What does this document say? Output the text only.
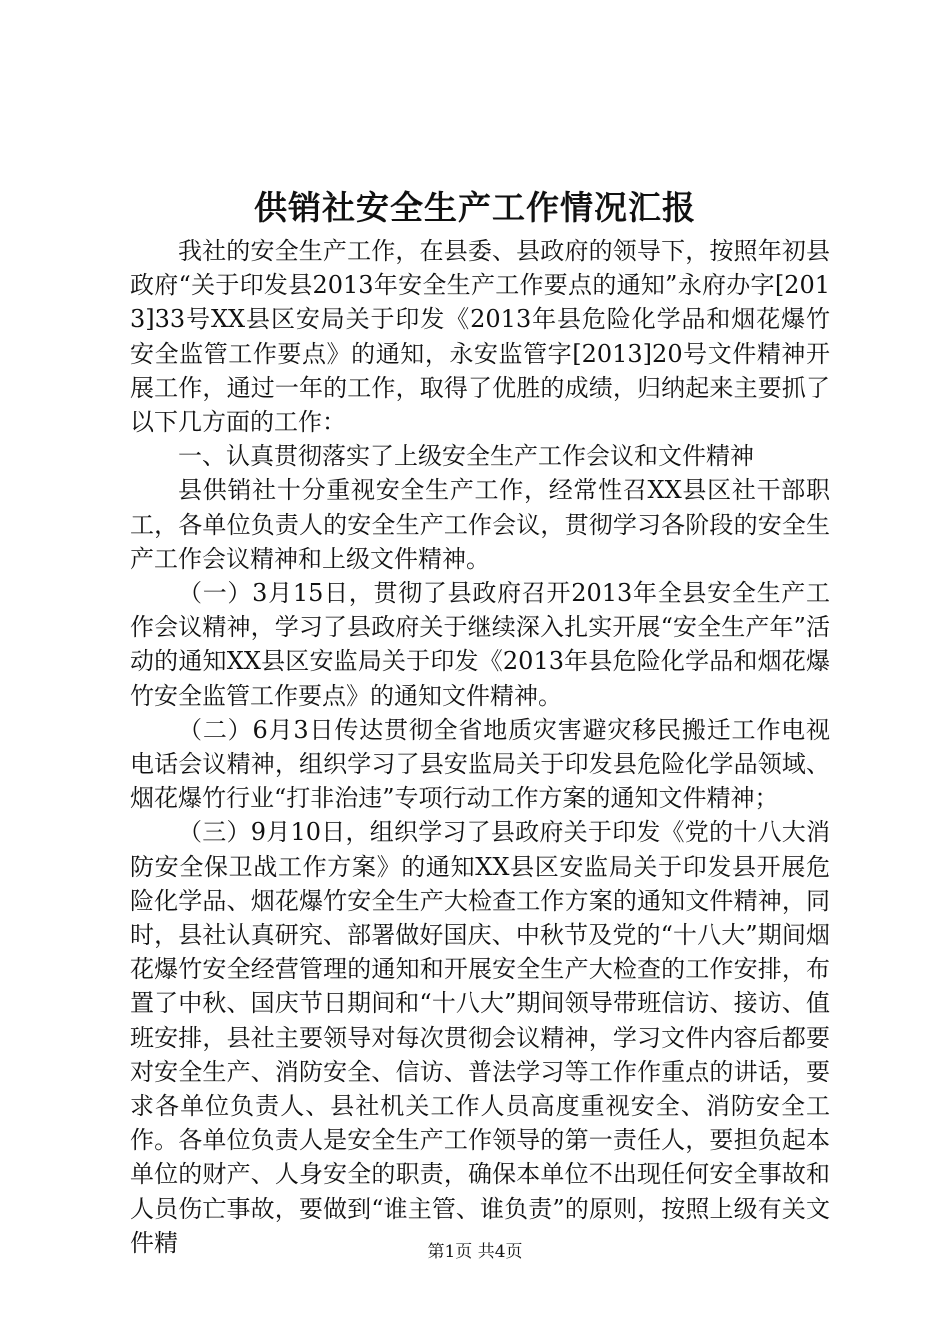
供销社安全生产工作情况汇报

我社的安全生产工作，在县委、县政府的领导下，按照年初县政府“关于印发县2013年安全生产工作要点的通知”永府办字[2013]33号XX县区安局关于印发《2013年县危险化学品和烟花爆竹安全监管工作要点》的通知，永安监管字[2013]20号文件精神开展工作，通过一年的工作，取得了优胜的成绩，归纳起来主要抓了以下几方面的工作：

一、认真贯彻落实了上级安全生产工作会议和文件精神

县供销社十分重视安全生产工作，经常性召XX县区社干部职工，各单位负责人的安全生产工作会议，贯彻学习各阶段的安全生产工作会议精神和上级文件精神。

（一）3月15日，贯彻了县政府召开2013年全县安全生产工作会议精神，学习了县政府关于继续深入扎实开展“安全生产年”活动的通知XX县区安监局关于印发《2013年县危险化学品和烟花爆竹安全监管工作要点》的通知文件精神。

（二）6月3日传达贯彻全省地质灾害避灾移民搬迁工作电视电话会议精神，组织学习了县安监局关于印发县危险化学品领域、烟花爆竹行业“打非治违”专项行动工作方案的通知文件精神；

（三）9月10日，组织学习了县政府关于印发《党的十八大消防安全保卫战工作方案》的通知XX县区安监局关于印发县开展危险化学品、烟花爆竹安全生产大检查工作方案的通知文件精神，同时，县社认真研究、部署做好国庆、中秋节及党的“十八大”期间烟花爆竹安全经营管理的通知和开展安全生产大检查的工作安排，布置了中秋、国庆节日期间和“十八大”期间领导带班信访、接访、值班安排，县社主要领导对每次贯彻会议精神，学习文件内容后都要对安全生产、消防安全、信访、普法学习等工作作重点的讲话，要求各单位负责人、县社机关工作人员高度重视安全、消防安全工作。各单位负责人是安全生产工作领导的第一责任人，要担负起本单位的财产、人身安全的职责，确保本单位不出现任何安全事故和人员伤亡事故，要做到“谁主管、谁负责”的原则，按照上级有关文件精	第1页 共4页
